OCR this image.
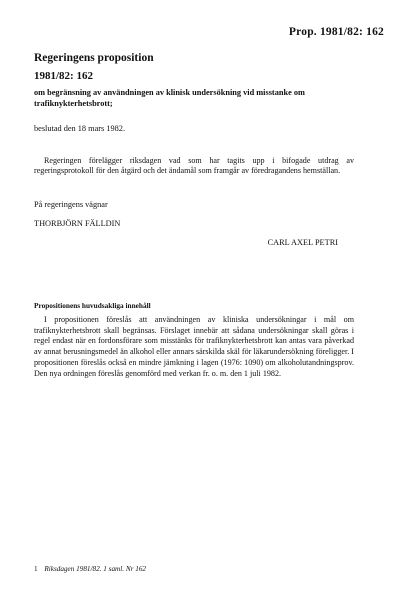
Prop. 1981/82: 162
Regeringens proposition
1981/82: 162
om begränsning av användningen av klinisk undersökning vid misstanke om trafiknykterhetsbrott;
beslutad den 18 mars 1982.
Regeringen förelägger riksdagen vad som har tagits upp i bifogade utdrag av regeringsprotokoll för den åtgärd och det ändamål som framgår av föredragandens hemställan.
På regeringens vägnar
THORBJÖRN FÄLLDIN
CARL AXEL PETRI
Propositionens huvudsakliga innehåll
I propositionen föreslås att användningen av kliniska undersökningar i mål om trafiknykterhetsbrott skall begränsas. Förslaget innebär att sådana undersökningar skall göras i regel endast när en fordonsförare som misstänks för trafiknykterhetsbrott kan antas vara påverkad av annat berusningsmedel än alkohol eller annars särskilda skäl för läkarundersökning föreligger. I propositionen föreslås också en mindre jämkning i lagen (1976: 1090) om alkoholutandningsprov. Den nya ordningen föreslås genomförd med verkan fr. o. m. den 1 juli 1982.
1 Riksdagen 1981/82. 1 saml. Nr 162
